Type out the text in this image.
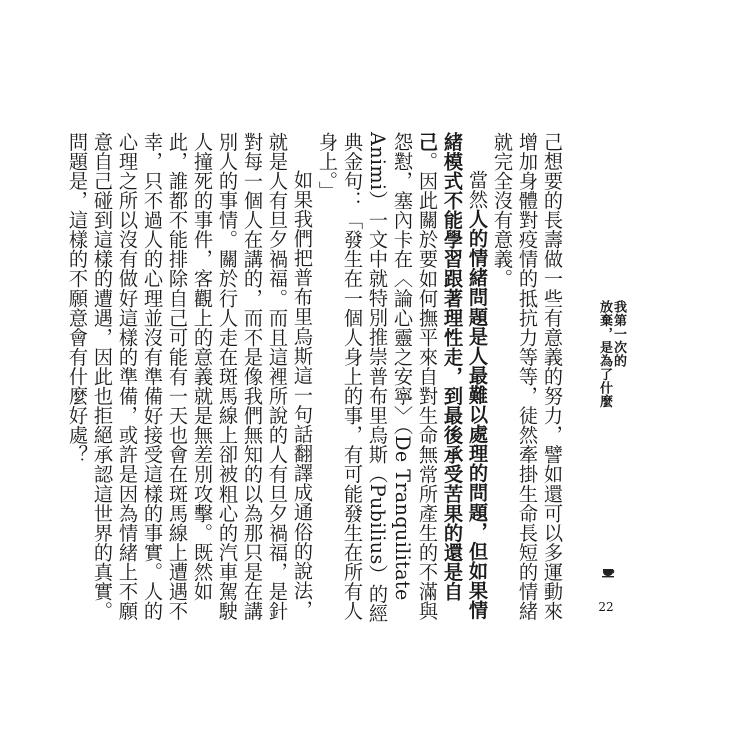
己想要的長壽做一些有意義的努力，譬如還可以多運動來增加身體對疫情的抵抗力等等，徒然牽掛生命長短的情緒就完全沒有意義。

當然人的情緒問題是人最難以處理的問題，但如果情緒模式不能學習跟著理性走，到最後承受苦果的還是自己。因此關於要如何撫平來自對生命無常所產生的不滿與怨懟，塞內卡在〈論心靈之安寧〉（De Tranquilitate Animi）一文中就特別推崇普布里烏斯（Pubilius）的經典金句：「發生在一個人身上的事，有可能發生在所有人身上。」

如果我們把普布里烏斯這一句話翻譯成通俗的說法，就是人有旦夕禍福。而且這裡所說的人有旦夕禍福，是針對每一個人在講的，而不是像我們無知的以為那只是在講別人的事情。關於行人走在斑馬線上卻被粗心的汽車駕駛人撞死的事件，客觀上的意義就是無差別攻擊。既然如此，誰都不能排除自己可能有一天也會在斑馬線上遭遇不幸，只不過人的心理並沒有準備好接受這樣的事實。人的心理之所以沒有做好這樣的準備，或許是因為情緒上不願意自己碰到這樣的遭遇，因此也拒絕承認這世界的真實。問題是，這樣的不願意會有什麼好處？	我第一次的
放棄，是為了什麼
22
